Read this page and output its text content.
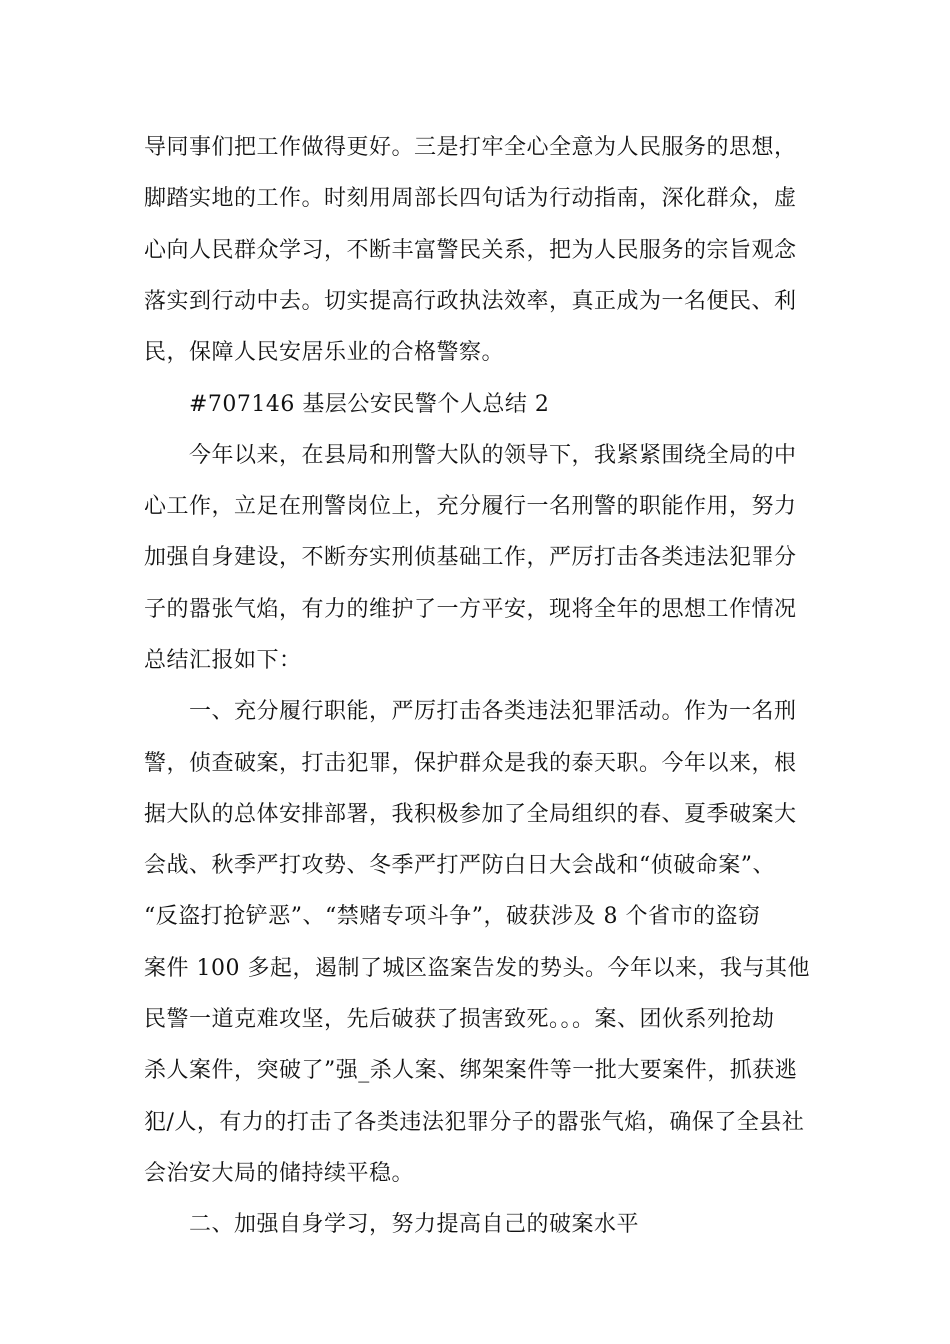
导同事们把工作做得更好。三是打牢全心全意为人民服务的思想，
脚踏实地的工作。时刻用周部长四句话为行动指南，深化群众，虚
心向人民群众学习，不断丰富警民关系，把为人民服务的宗旨观念
落实到行动中去。切实提高行政执法效率，真正成为一名便民、利
民，保障人民安居乐业的合格警察。
#707146 基层公安民警个人总结 2
今年以来，在县局和刑警大队的领导下，我紧紧围绕全局的中
心工作，立足在刑警岗位上，充分履行一名刑警的职能作用，努力
加强自身建设，不断夯实刑侦基础工作，严厉打击各类违法犯罪分
子的嚣张气焰，有力的维护了一方平安，现将全年的思想工作情况
总结汇报如下：
一、充分履行职能，严厉打击各类违法犯罪活动。作为一名刑
警，侦查破案，打击犯罪，保护群众是我的泰天职。今年以来，根
据大队的总体安排部署，我积极参加了全局组织的春、夏季破案大
会战、秋季严打攻势、冬季严打严防白日大会战和“侦破命案”、
“反盗打抢铲恶”、“禁赌专项斗争”，破获涉及 8 个省市的盗窃
案件 100 多起，遏制了城区盗案告发的势头。今年以来，我与其他
民警一道克难攻坚，先后破获了损害致死。。。案、团伙系列抢劫
杀人案件，突破了”强_杀人案、绑架案件等一批大要案件，抓获逃
犯/人，有力的打击了各类违法犯罪分子的嚣张气焰，确保了全县社
会治安大局的储持续平稳。
二、加强自身学习，努力提高自己的破案水平
